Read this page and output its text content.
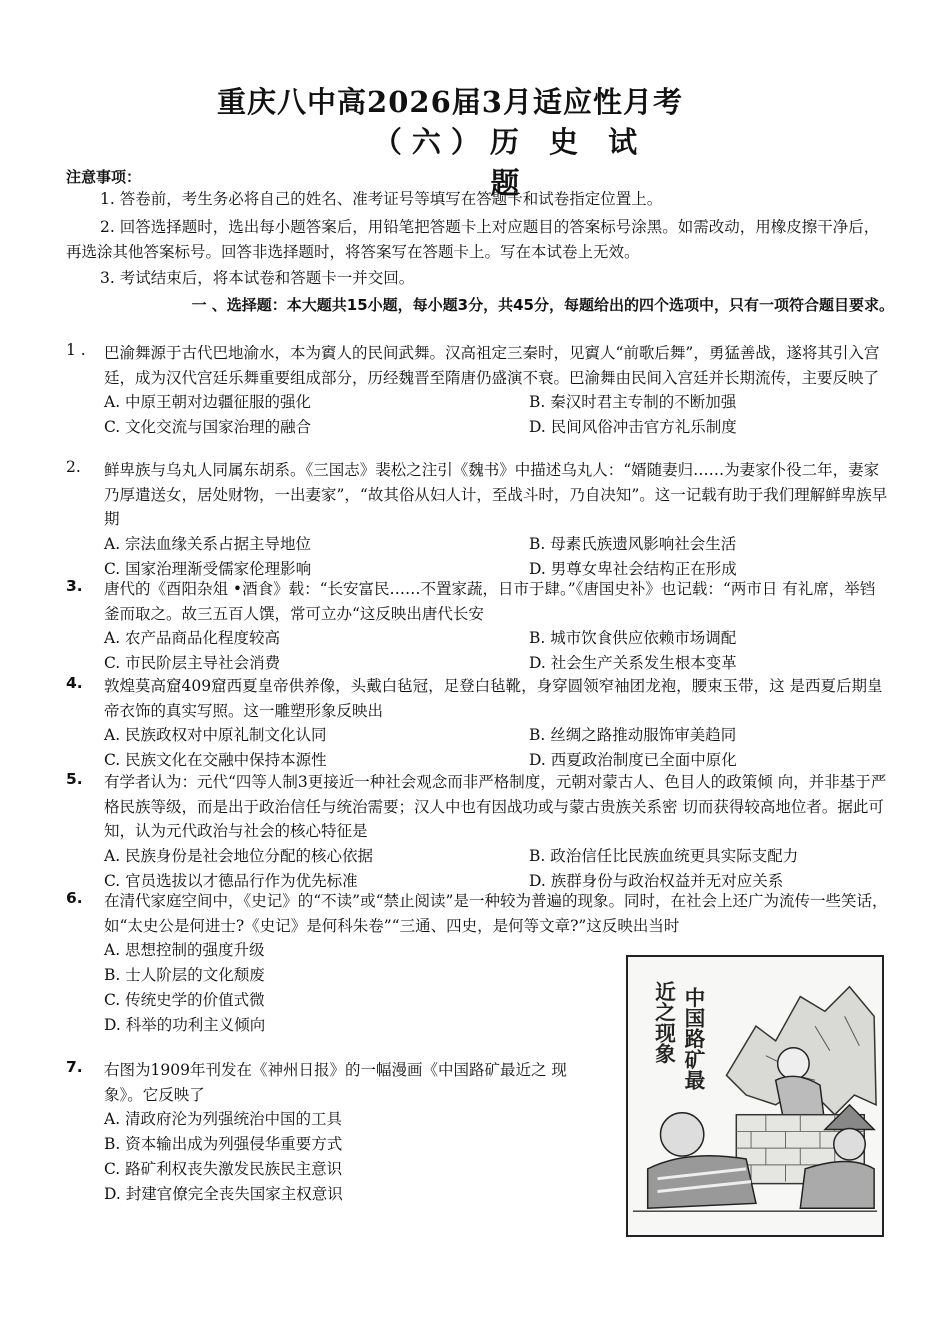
重庆八中高2026届3月适应性月考
（六）历 史 试 题
注意事项：

1. 答卷前，考生务必将自己的姓名、准考证号等填写在答题卡和试卷指定位置上。

2. 回答选择题时，选出每小题答案后，用铅笔把答题卡上对应题目的答案标号涂黑。如需改动，用橡皮擦干净后，再选涂其他答案标号。回答非选择题时，将答案写在答题卡上。写在本试卷上无效。

3. 考试结束后，将本试卷和答题卡一并交回。

一 、选择题：本大题共15小题，每小题3分，共45分，每题给出的四个选项中，只有一项符合题目要求。
1 .	巴渝舞源于古代巴地渝水，本为賨人的民间武舞。汉高祖定三秦时，见賨人“前歌后舞”，勇猛善战，遂将其引入宫廷，成为汉代宫廷乐舞重要组成部分，历经魏晋至隋唐仍盛演不衰。巴渝舞由民间入宫廷并长期流传，主要反映了

A. 中原王朝对边疆征服的强化	B. 秦汉时君主专制的不断加强
C. 文化交流与国家治理的融合	D. 民间风俗冲击官方礼乐制度
2.	鲜卑族与乌丸人同属东胡系。《三国志》裴松之注引《魏书》中描述乌丸人：“婿随妻归……为妻家仆役二年，妻家乃厚遣送女，居处财物，一出妻家”，“故其俗从妇人计，至战斗时，乃自决知”。这一记载有助于我们理解鲜卑族早期

A. 宗法血缘关系占据主导地位	B. 母素氏族遗风影响社会生活
C. 国家治理渐受儒家伦理影响	D. 男尊女卑社会结构正在形成
3.	唐代的《酉阳杂俎 •酒食》载：“长安富民……不置家蔬，日市于肆。”《唐国史补》也记载：“两市日 有礼席，举铛釜而取之。故三五百人馔，常可立办“这反映出唐代长安

A. 农产品商品化程度较高	B. 城市饮食供应依赖市场调配
C. 市民阶层主导社会消费	D. 社会生产关系发生根本变革
4.	敦煌莫高窟409窟西夏皇帝供养像，头戴白毡冠，足登白毡靴，身穿圆领窄袖团龙袍，腰束玉带，这 是西夏后期皇帝衣饰的真实写照。这一雕塑形象反映出

A. 民族政权对中原礼制文化认同	B. 丝绸之路推动服饰审美趋同
C. 民族文化在交融中保持本源性	D. 西夏政治制度已全面中原化
5.	有学者认为：元代“四等人制3更接近一种社会观念而非严格制度，元朝对蒙古人、色目人的政策倾 向，并非基于严格民族等级，而是出于政治信任与统治需要；汉人中也有因战功或与蒙古贵族关系密 切而获得较高地位者。据此可知，认为元代政治与社会的核心特征是

A. 民族身份是社会地位分配的核心依据	B. 政治信任比民族血统更具实际支配力
C. 官员选拔以才德品行作为优先标准	D. 族群身份与政治权益并无对应关系
6.	在清代家庭空间中，《史记》的“不读”或“禁止阅读”是一种较为普遍的现象。同时，在社会上还广为流传一些笑话，如“太史公是何进士?《史记》是何科朱卷”“三通、四史，是何等文章?”这反映出当时

A. 思想控制的强度升级
B. 士人阶层的文化颓废
C. 传统史学的价值式微
D. 科举的功利主义倾向
7.	右图为1909年刊发在《神州日报》的一幅漫画《中国路矿最近之 现象》。它反映了

A. 清政府沦为列强统治中国的工具
B. 资本输出成为列强侵华重要方式
C. 路矿利权丧失激发民族民主意识
D. 封建官僚完全丧失国家主权意识
中国路矿最
近之现象
